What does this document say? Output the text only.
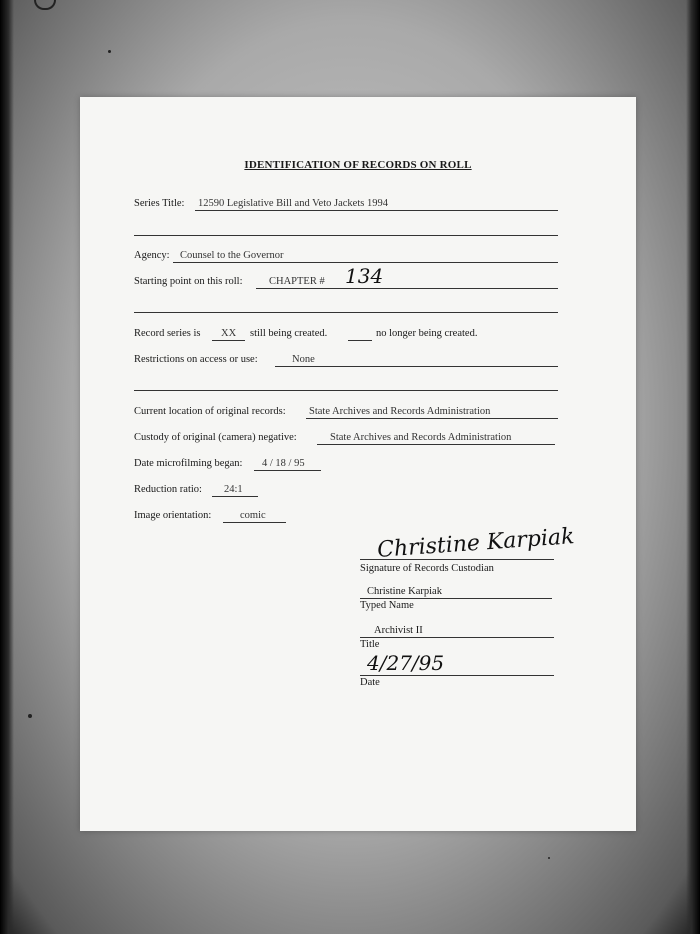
IDENTIFICATION OF RECORDS ON ROLL
Series Title: 12590 Legislative Bill and Veto Jackets 1994
Agency: Counsel to the Governor
Starting point on this roll:	CHAPTER # 134
Record series is XX still being created.	no longer being created.
Restrictions on access or use:	None
Current location of original records: State Archives and Records Administration
Custody of original (camera) negative:	State Archives and Records Administration
Date microfilming began: 4 / 18 / 95
Reduction ratio: 24:1
Image orientation:	comic
Christine Karpiak
Signature of Records Custodian
Christine Karpiak
Typed Name
Archivist II
Title
4/27/95
Date
